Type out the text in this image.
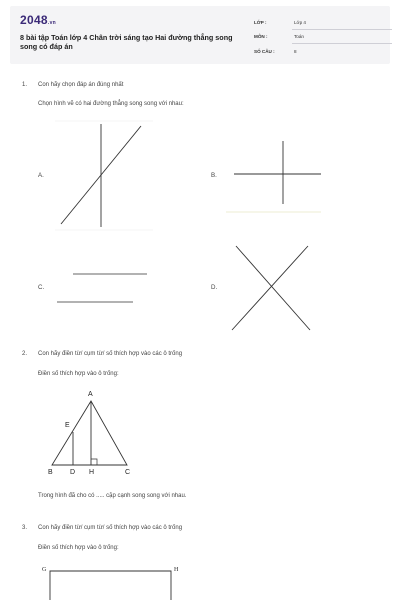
2048.vn
8 bài tập Toán lớp 4 Chân trời sáng tạo Hai đường thẳng song song có đáp án
LỚP :	Lớp 4
MÔN :	Toán
SỐ CÂU :	8
1. Con hãy chọn đáp án đúng nhất
Chọn hình vẽ có hai đường thẳng song song với nhau:
A.	B.
C.	D.
2. Con hãy điền từ/ cụm từ/ số thích hợp vào các ô trống
Điền số thích hợp vào ô trống:
A
E
B D H	C
Trong hình đã cho có ..... cặp cạnh song song với nhau.
3. Con hãy điền từ/ cụm từ/ số thích hợp vào các ô trống
Điền số thích hợp vào ô trống:
G	H
